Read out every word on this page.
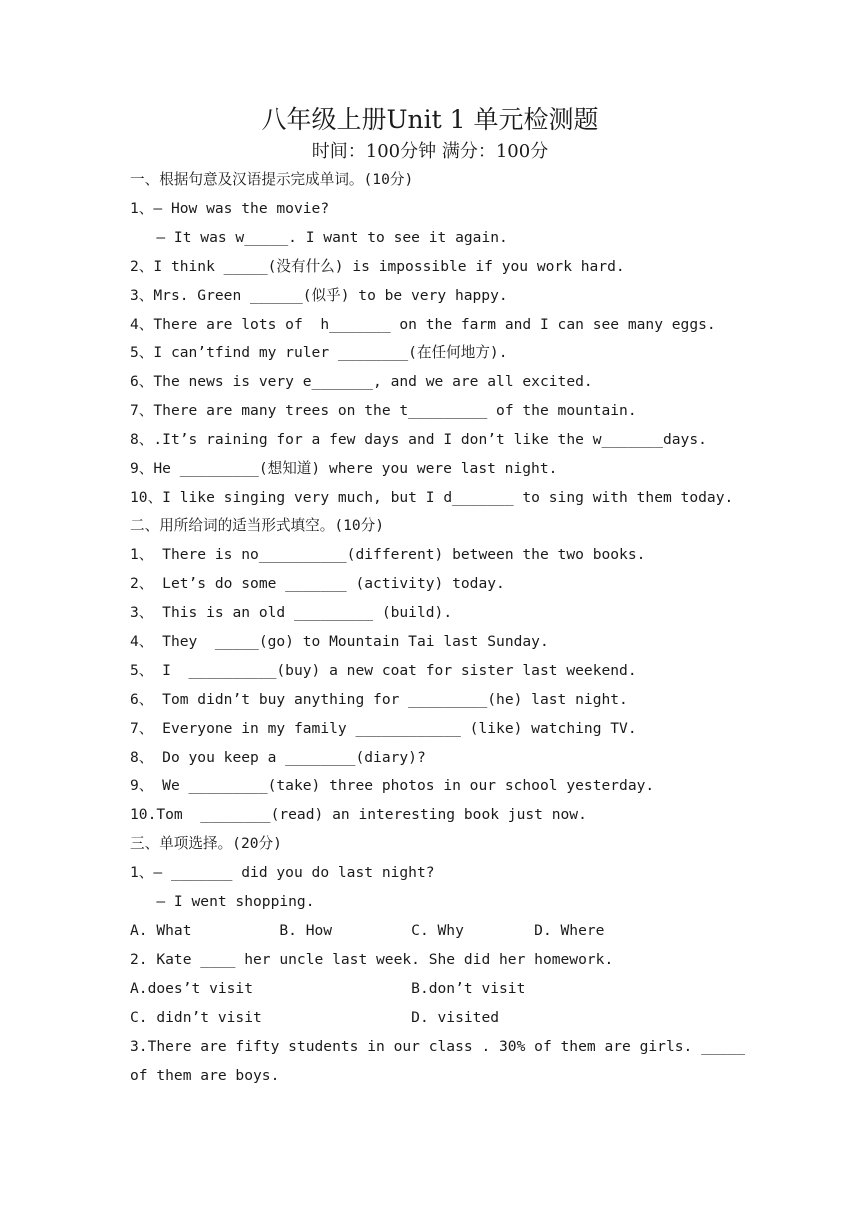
八年级上册Unit 1 单元检测题
时间：100分钟 满分：100分
一、根据句意及汉语提示完成单词。(10分)
1、— How was the movie?
— It was w_____. I want to see it again.
2、I think _____(没有什么) is impossible if you work hard.
3、Mrs. Green ______(似乎) to be very happy.
4、There are lots of  h_______ on the farm and I can see many eggs.
5、I can’tfind my ruler ________(在任何地方).
6、The news is very e_______, and we are all excited.
7、There are many trees on the t_________ of the mountain.
8、.It’s raining for a few days and I don’t like the w_______days.
9、He _________(想知道) where you were last night.
10、I like singing very much, but I d_______ to sing with them today.
二、用所给词的适当形式填空。(10分)
1、 There is no__________(different) between the two books.
2、 Let’s do some _______ (activity) today.
3、 This is an old _________ (build).
4、 They  _____(go) to Mountain Tai last Sunday.
5、 I  __________(buy) a new coat for sister last weekend.
6、 Tom didn’t buy anything for _________(he) last night.
7、 Everyone in my family ____________ (like) watching TV.
8、 Do you keep a ________(diary)?
9、 We _________(take) three photos in our school yesterday.
10.Tom  ________(read) an interesting book just now.
三、单项选择。(20分)
1、— _______ did you do last night?
— I went shopping.
A. What          B. How         C. Why        D. Where
2. Kate ____ her uncle last week. She did her homework.
A.does’t visit                  B.don’t visit
C. didn’t visit                 D. visited
3.There are fifty students in our class . 30% of them are girls. _____
of them are boys.
